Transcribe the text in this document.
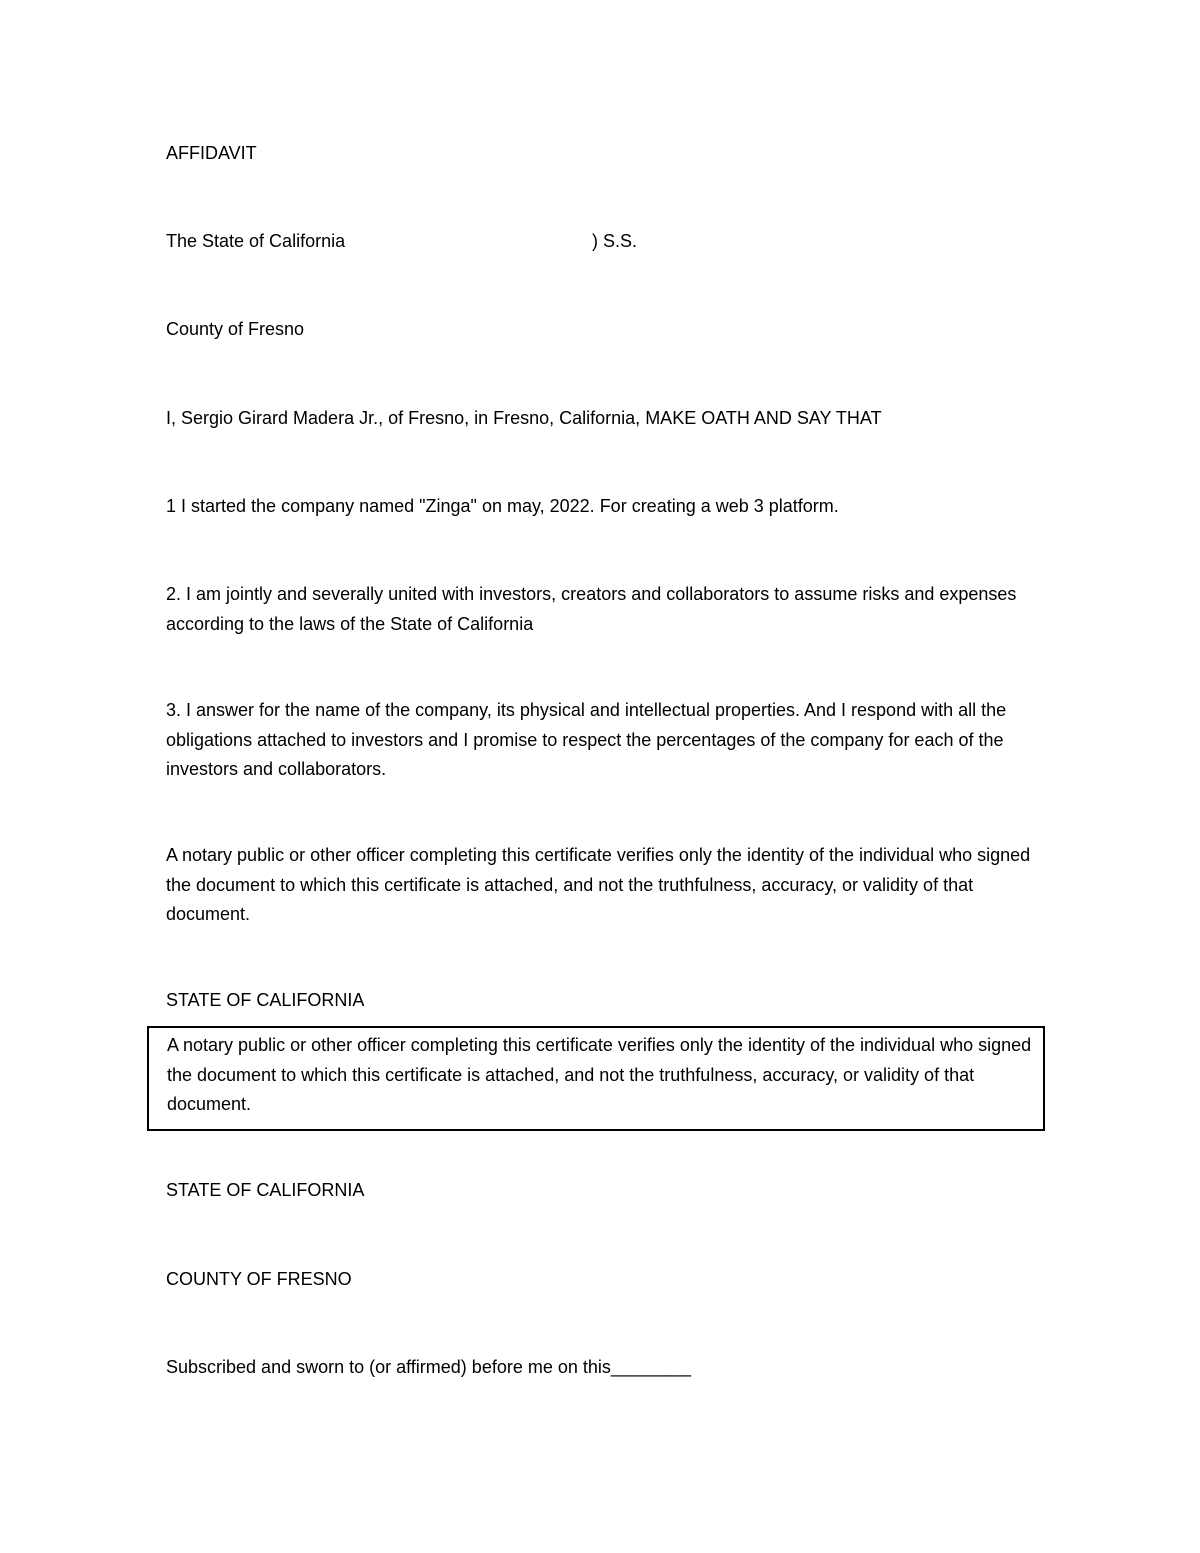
AFFIDAVIT
The State of California	) S.S.
County of Fresno
I, Sergio Girard Madera Jr., of Fresno, in Fresno, California, MAKE OATH AND SAY THAT
1 I started the company named "Zinga" on may, 2022. For creating a web 3 platform.
2. I am jointly and severally united with investors, creators and collaborators to assume risks and expenses according to the laws of the State of California
3. I answer for the name of the company, its physical and intellectual properties. And I respond with all the obligations attached to investors and I promise to respect the percentages of the company for each of the investors and collaborators.
A notary public or other officer completing this certificate verifies only the identity of the individual who signed the document to which this certificate is attached, and not the truthfulness, accuracy, or validity of that document.
STATE OF CALIFORNIA
A notary public or other officer completing this certificate verifies only the identity of the individual who signed the document to which this certificate is attached, and not the truthfulness, accuracy, or validity of that document.
STATE OF CALIFORNIA
COUNTY OF FRESNO
Subscribed and sworn to (or affirmed) before me on this________
